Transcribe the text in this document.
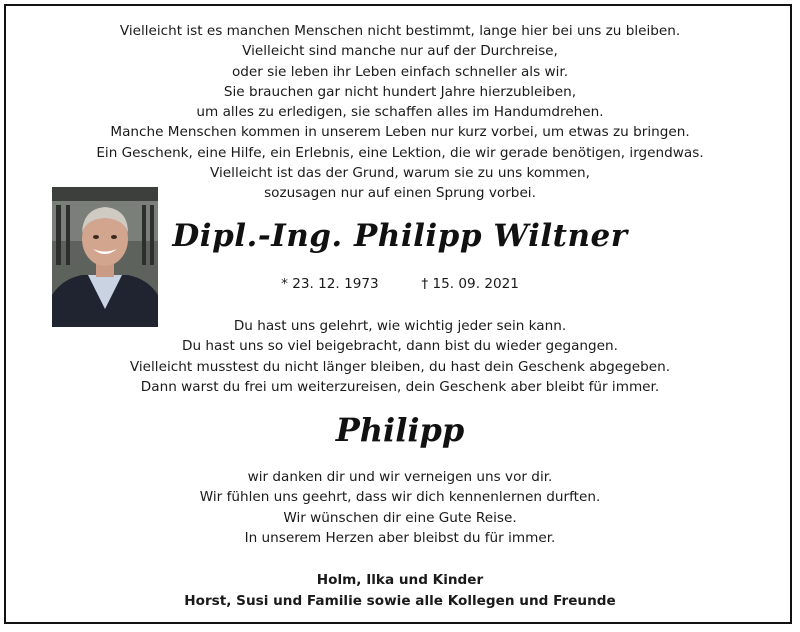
Vielleicht ist es manchen Menschen nicht bestimmt, lange hier bei uns zu bleiben.

Vielleicht sind manche nur auf der Durchreise,

oder sie leben ihr Leben einfach schneller als wir.

Sie brauchen gar nicht hundert Jahre hierzubleiben,

um alles zu erledigen, sie schaffen alles im Handumdrehen.

Manche Menschen kommen in unserem Leben nur kurz vorbei, um etwas zu bringen.

Ein Geschenk, eine Hilfe, ein Erlebnis, eine Lektion, die wir gerade benötigen, irgendwas.

Vielleicht ist das der Grund, warum sie zu uns kommen,

sozusagen nur auf einen Sprung vorbei.

Dipl.-Ing. Philipp Wiltner
* 23. 12. 1973	† 15. 09. 2021

Du hast uns gelehrt, wie wichtig jeder sein kann.

Du hast uns so viel beigebracht, dann bist du wieder gegangen.

Vielleicht musstest du nicht länger bleiben, du hast dein Geschenk abgegeben.

Dann warst du frei um weiterzureisen, dein Geschenk aber bleibt für immer.

Philipp

wir danken dir und wir verneigen uns vor dir.

Wir fühlen uns geehrt, dass wir dich kennenlernen durften.

Wir wünschen dir eine Gute Reise.

In unserem Herzen aber bleibst du für immer.

Holm, Ilka und Kinder

Horst, Susi und Familie sowie alle Kollegen und Freunde
